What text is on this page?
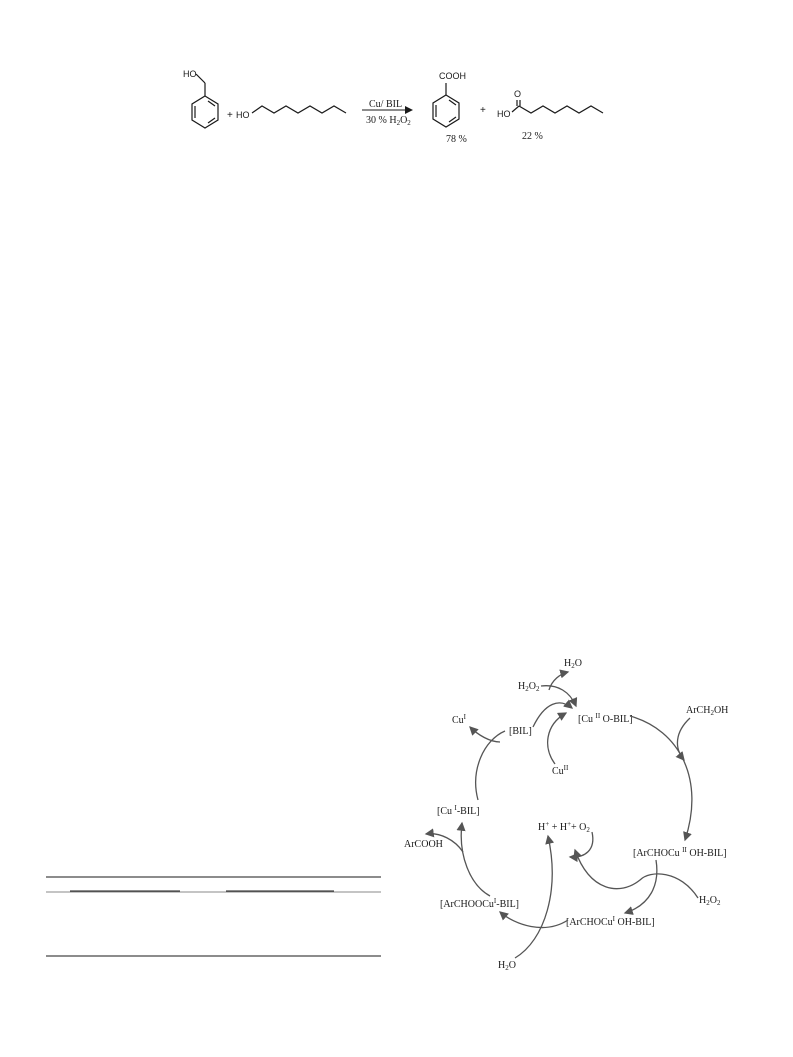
HO
+ HO
Cu/ BIL
30 % $H_2O_2$
COOH
78 %
+ HO
O
22 %
$H_2O$
$H_2O_2$
[Cu $^{II}$ O-BIL]
ArCH$_2$OH
$Cu^I$
[BIL]
$Cu^{II}$
[Cu $^I$-BIL]
$H^+ + H^++ O_2$
ArCOOH
[ArCHOCu $^{II}$ OH-BIL]
$H_2O_2$
[ArCHOOCu$^I$-BIL]
[ArCHOCu$^I$ OH-BIL]
$H_2O$
